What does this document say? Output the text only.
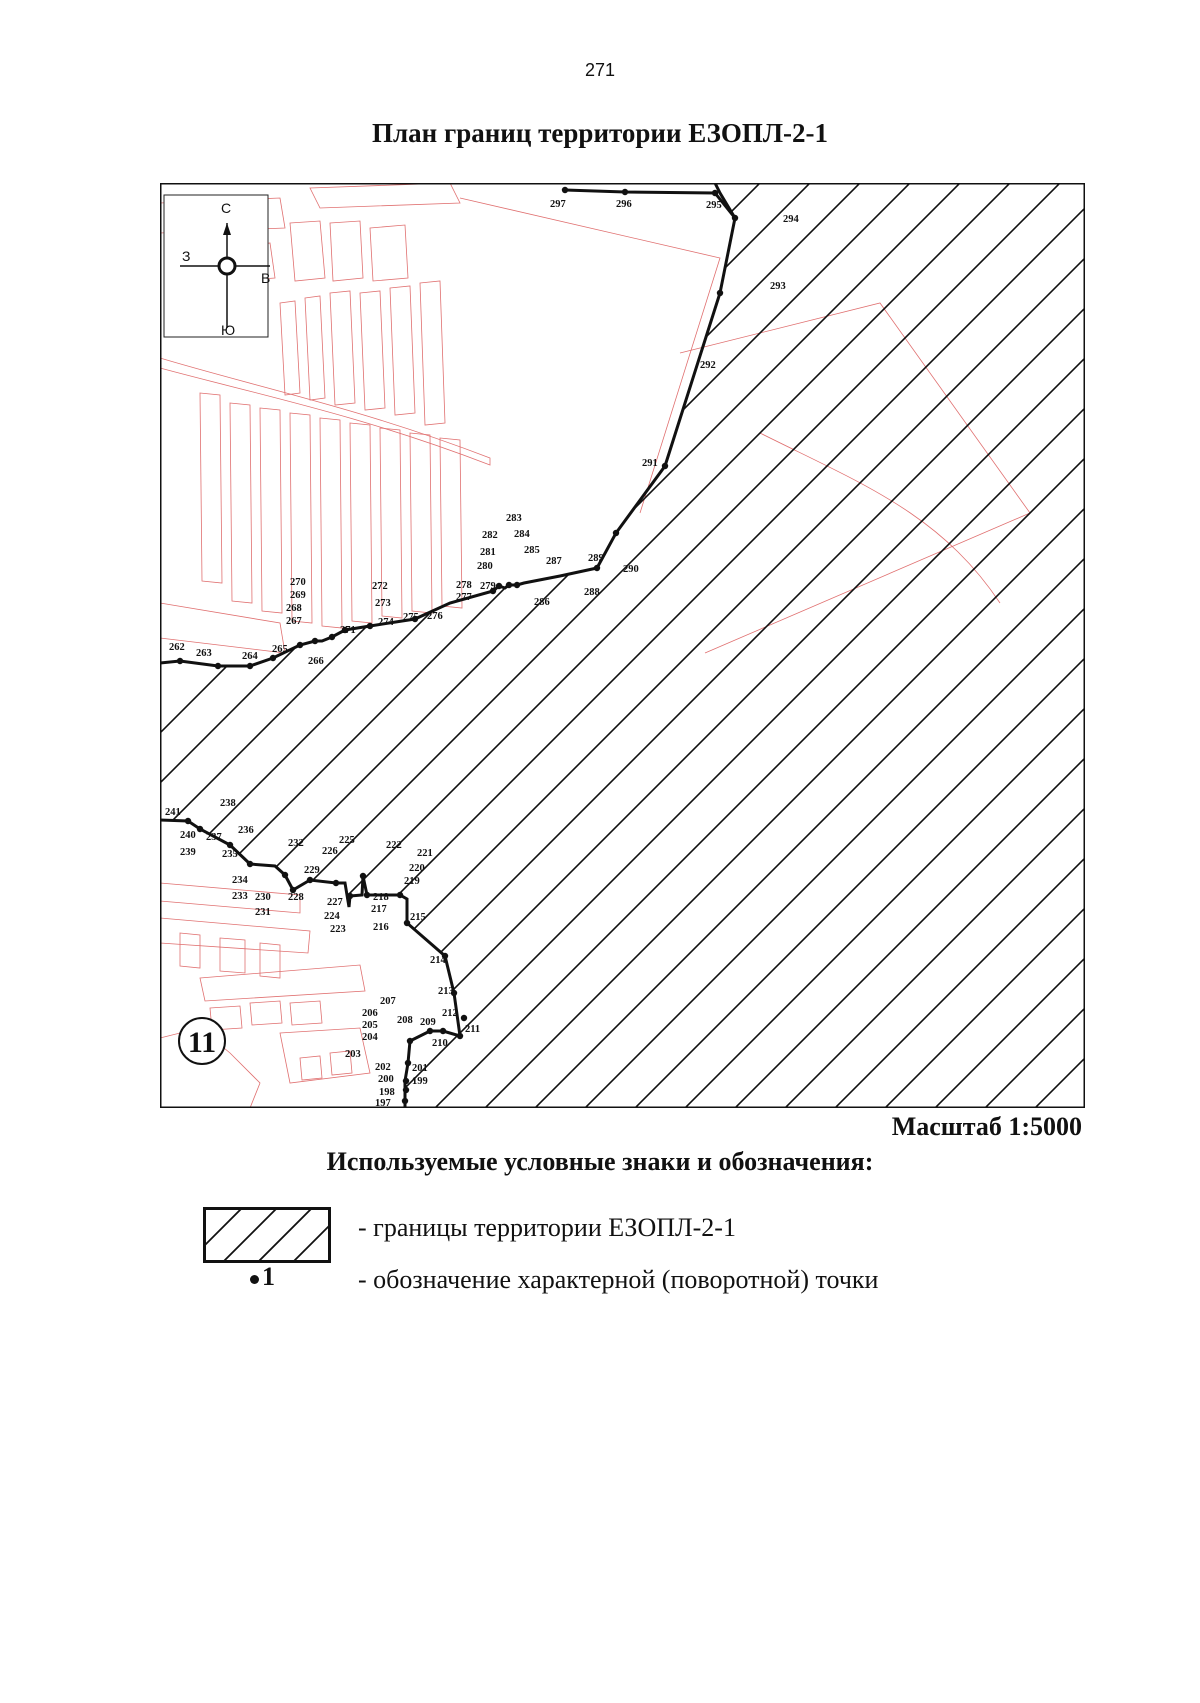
271
План границ территории ЕЗОПЛ-2-1
197
198
199
200
201
202
203
204
205
206
207
208 209
210
211
212
213
214
215
216
217
218
219
220
221
222
223
224
225
226
227
228
229
230
231
232
233
234
235
236
237
238
239
240
241
262
263	264
265
266
267
268
269
270
271
272
273
274 275 276
277
278 279
280
281
282
283
284
285
286
287
288
289
290
291
292
293
294
295
296
297
С
Ю
З
В
11
Масштаб 1:5000
Используемые условные знаки и обозначения:
- границы территории ЕЗОПЛ-2-1
1	- обозначение характерной (поворотной) точки
